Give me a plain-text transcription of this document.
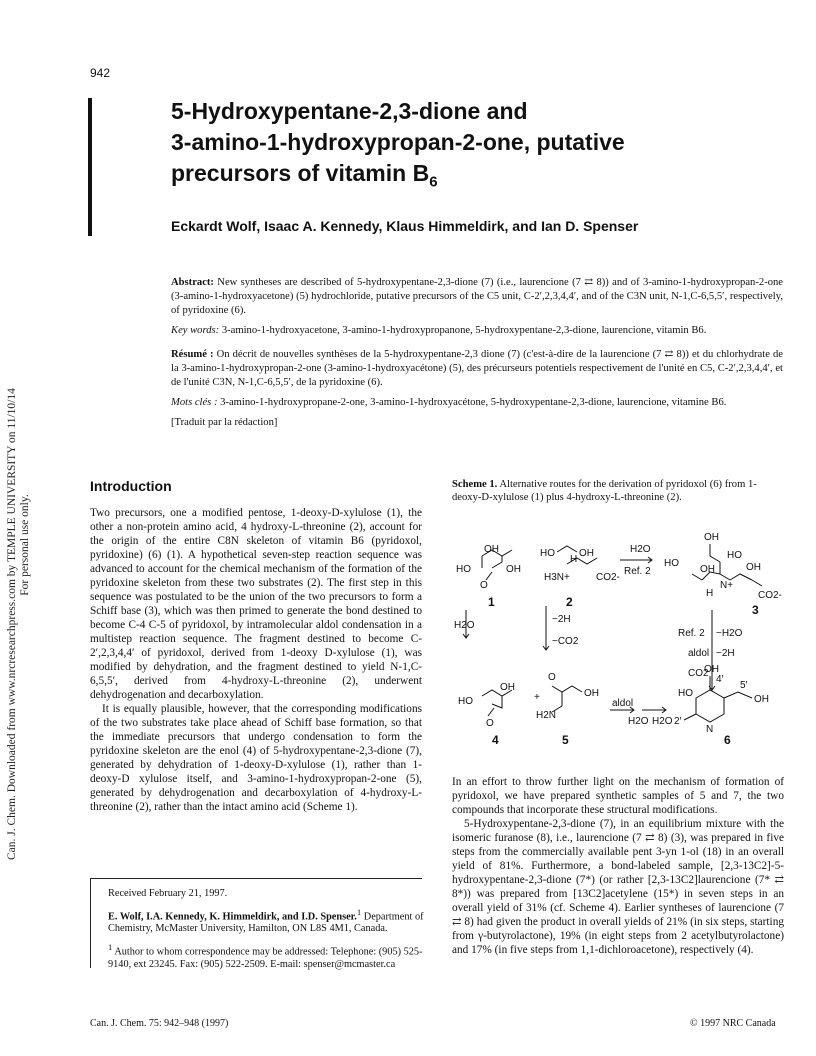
942
5-Hydroxypentane-2,3-dione and
3-amino-1-hydroxypropan-2-one, putative
precursors of vitamin $B_6$
Eckardt Wolf, Isaac A. Kennedy, Klaus Himmeldirk, and Ian D. Spenser
Can. J. Chem. Downloaded from www.nrcresearchpress.com by TEMPLE UNIVERSITY on 11/10/14 For personal use only.

Abstract: New syntheses are described of 5-hydroxypentane-2,3-dione (7) (i.e., laurencione (7 ⇄ 8)) and of 3-amino-1-hydroxypropan-2-one (3-amino-1-hydroxyacetone) (5) hydrochloride, putative precursors of the C5 unit, C-2′,2,3,4,4′, and of the C3N unit, N-1,C-6,5,5′, respectively, of pyridoxine (6).

Key words: 3-amino-1-hydroxyacetone, 3-amino-1-hydroxypropanone, 5-hydroxypentane-2,3-dione, laurencione, vitamin B6.

Résumé : On décrit de nouvelles synthèses de la 5-hydroxypentane-2,3 dione (7) (c'est-à-dire de la laurencione (7 ⇄ 8)) et du chlorhydrate de la 3-amino-1-hydroxypropan-2-one (3-amino-1-hydroxyacétone) (5), des précurseurs potentiels respectivement de l'unité en C5, C-2′,2,3,4,4′, et de l'unité C3N, N-1,C-6,5,5′, de la pyridoxine (6).

Mots clés : 3-amino-1-hydroxypropane-2-one, 3-amino-1-hydroxyacétone, 5-hydroxypentane-2,3-dione, laurencione, vitamine B6.

[Traduit par la rédaction]

Introduction

Two precursors, one a modified pentose, 1-deoxy-D-xylulose (1), the other a non-protein amino acid, 4 hydroxy-L-threonine (2), account for the origin of the entire C8N skeleton of vitamin B6 (pyridoxol, pyridoxine) (6) (1). A hypothetical seven-step reaction sequence was advanced to account for the chemical mechanism of the formation of the pyridoxine skeleton from these two substrates (2). The first step in this sequence was postulated to be the union of the two precursors to form a Schiff base (3), which was then primed to generate the bond destined to become C-4 C-5 of pyridoxol, by intramolecular aldol condensation in a multistep reaction sequence. The fragment destined to become C-2′,2,3,4,4′ of pyridoxol, derived from 1-deoxy D-xylulose (1), was modified by dehydration, and the fragment destined to yield N-1,C-6,5,5′, derived from 4-hydroxy-L-threonine (2), underwent dehydrogenation and decarboxylation.

It is equally plausible, however, that the corresponding modifications of the two substrates take place ahead of Schiff base formation, so that the immediate precursors that undergo condensation to form the pyridoxine skeleton are the enol (4) of 5-hydroxypentane-2,3-dione (7), generated by dehydration of 1-deoxy-D-xylulose (1), rather than 1-deoxy-D xylulose itself, and 3-amino-1-hydroxypropan-2-one (5), generated by dehydrogenation and decarboxylation of 4-hydroxy-L-threonine (2), rather than the intact amino acid (Scheme 1).

Scheme 1. Alternative routes for the derivation of pyridoxol (6) from 1-deoxy-D-xylulose (1) plus 4-hydroxy-L-threonine (2).
OH
HO	OH
O
HO OH
H
H3N+	CO2-
H2O
Ref. 2
HO
OH
OH
HO
OH
N+
CO2-
H
H2O
−2H
−CO2
Ref. 2 −H2O
aldol −2H
CO2
OH
HO
O
+
O
OH
H2N
aldol
H2O H2O
OH
HO
OH
N
2′
4′
5′
1	2
3
4	5	6

In an effort to throw further light on the mechanism of formation of pyridoxol, we have prepared synthetic samples of 5 and 7, the two compounds that incorporate these structural modifications.

5-Hydroxypentane-2,3-dione (7), in an equilibrium mixture with the isomeric furanose (8), i.e., laurencione (7 ⇄ 8) (3), was prepared in five steps from the commercially available pent 3-yn 1-ol (18) in an overall yield of 81%. Furthermore, a bond-labeled sample, [2,3-13C2]-5-hydroxypentane-2,3-dione (7*) (or rather [2,3-13C2]laurencione (7* ⇄ 8*)) was prepared from [13C2]acetylene (15*) in seven steps in an overall yield of 31% (cf. Scheme 4). Earlier syntheses of laurencione (7 ⇄ 8) had given the product in overall yields of 21% (in six steps, starting from γ-butyrolactone), 19% (in eight steps from 2 acetylbutyrolactone) and 17% (in five steps from 1,1-dichloroacetone), respectively (4).

Received February 21, 1997.

E. Wolf, I.A. Kennedy, K. Himmeldirk, and I.D. Spenser.$^1$ Department of Chemistry, McMaster University, Hamilton, ON L8S 4M1, Canada.

$^1$ Author to whom correspondence may be addressed: Telephone: (905) 525-9140, ext 23245. Fax: (905) 522-2509. E-mail: spenser@mcmaster.ca

Can. J. Chem. 75: 942–948 (1997)	© 1997 NRC Canada
